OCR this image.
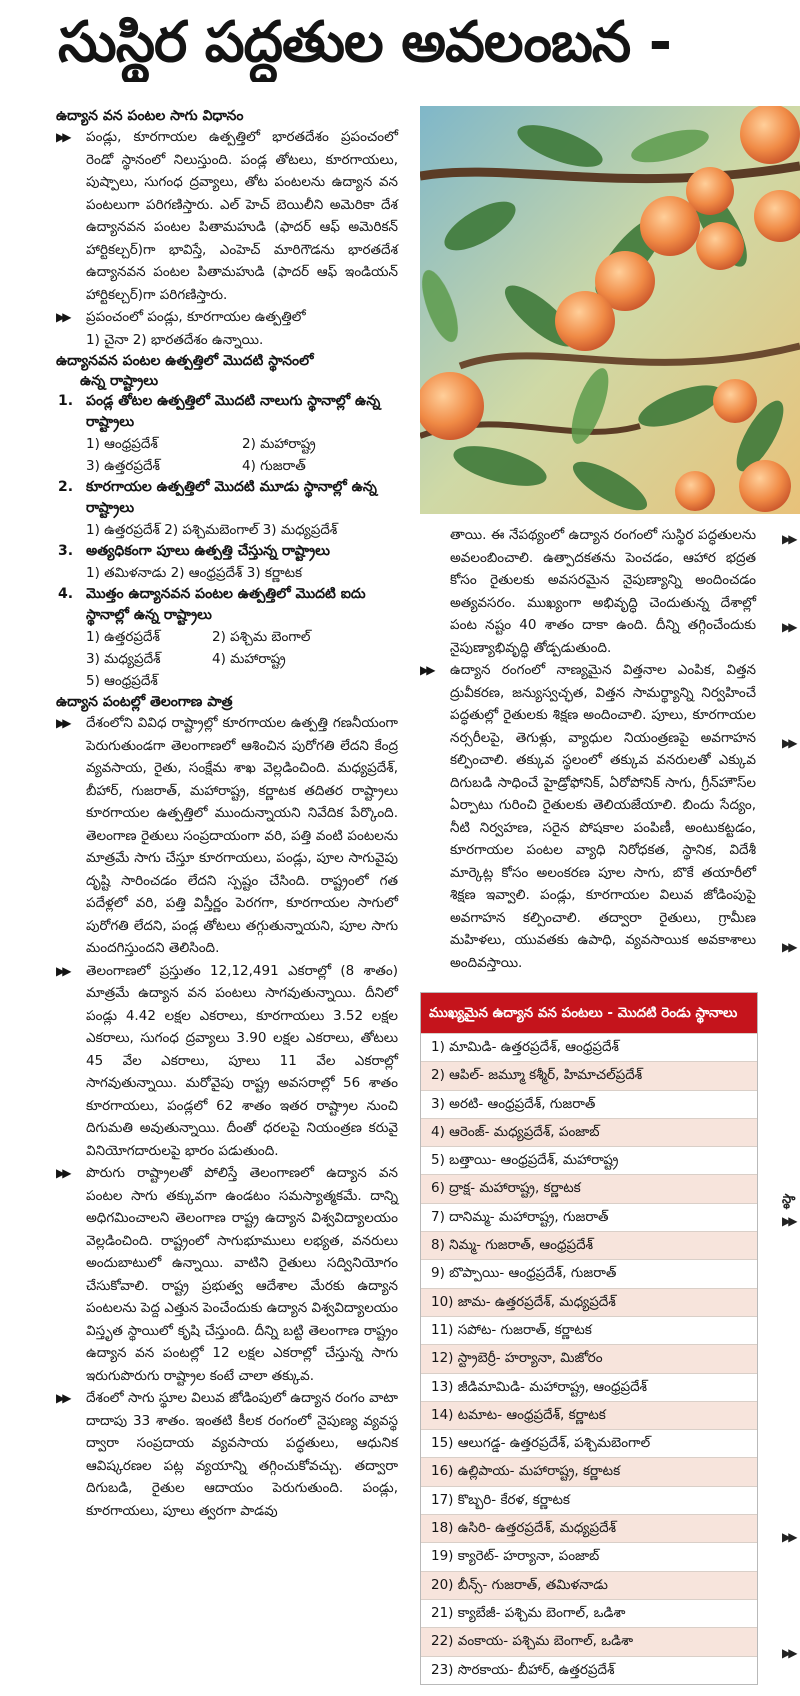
సుస్థిర పద్ధతుల అవలంబన -

ఉద్యాన వన పంటల సాగు విధానం

▶▶ పండ్లు, కూరగాయల ఉత్పత్తిలో భారతదేశం ప్రపంచంలో రెండో స్థానంలో నిలుస్తుంది. పండ్ల తోటలు, కూరగాయలు, పుష్పాలు, సుగంధ ద్రవ్యాలు, తోట పంటలను ఉద్యాన వన పంటలుగా పరిగణిస్తారు. ఎల్ హెచ్ బెయిలీని అమెరికా దేశ ఉద్యానవన పంటల పితామహుడి (ఫాదర్ ఆఫ్ అమెరికన్ హార్టికల్చర్)గా భావిస్తే, ఎంహెచ్ మారిగౌడను భారతదేశ ఉద్యానవన పంటల పితామహుడి (ఫాదర్ ఆఫ్ ఇండియన్ హార్టికల్చర్)గా పరిగణిస్తారు.

▶▶ ప్రపంచంలో పండ్లు, కూరగాయల ఉత్పత్తిలో

1) చైనా 2) భారతదేశం ఉన్నాయి.

ఉద్యానవన పంటల ఉత్పత్తిలో మొదటి స్థానంలో

ఉన్న రాష్ట్రాలు

1. పండ్ల తోటల ఉత్పత్తిలో మొదటి నాలుగు స్థానాల్లో ఉన్న రాష్ట్రాలు
1) ఆంధ్రప్రదేశ్	2) మహారాష్ట్ర
3) ఉత్తరప్రదేశ్	4) గుజరాత్
2. కూరగాయల ఉత్పత్తిలో మొదటి మూడు స్థానాల్లో ఉన్న రాష్ట్రాలు
1) ఉత్తరప్రదేశ్ 2) పశ్చిమబెంగాల్ 3) మధ్యప్రదేశ్
3. అత్యధికంగా పూలు ఉత్పత్తి చేస్తున్న రాష్ట్రాలు
1) తమిళనాడు 2) ఆంధ్రప్రదేశ్ 3) కర్ణాటక
4. మొత్తం ఉద్యానవన పంటల ఉత్పత్తిలో మొదటి ఐదు స్థానాల్లో ఉన్న రాష్ట్రాలు
1) ఉత్తరప్రదేశ్	2) పశ్చిమ బెంగాల్
3) మధ్యప్రదేశ్	4) మహారాష్ట్ర
5) ఆంధ్రప్రదేశ్

ఉద్యాన పంటల్లో తెలంగాణ పాత్ర

▶▶ దేశంలోని వివిధ రాష్ట్రాల్లో కూరగాయల ఉత్పత్తి గణనీయంగా పెరుగుతుండగా తెలంగాణలో ఆశించిన పురోగతి లేదని కేంద్ర వ్యవసాయ, రైతు, సంక్షేమ శాఖ వెల్లడించింది. మధ్యప్రదేశ్, బీహార్, గుజరాత్, మహారాష్ట్ర, కర్ణాటక తదితర రాష్ట్రాలు కూరగాయల ఉత్పత్తిలో ముందున్నాయని నివేదిక పేర్కొంది. తెలంగాణ రైతులు సంప్రదాయంగా వరి, పత్తి వంటి పంటలను మాత్రమే సాగు చేస్తూ కూరగాయలు, పండ్లు, పూల సాగువైపు దృష్టి సారించడం లేదని స్పష్టం చేసింది. రాష్ట్రంలో గత పదేళ్లలో వరి, పత్తి విస్తీర్ణం పెరగగా, కూరగాయల సాగులో పురోగతి లేదని, పండ్ల తోటలు తగ్గుతున్నాయని, పూల సాగు మందగిస్తుందని తెలిసింది.

▶▶ తెలంగాణలో ప్రస్తుతం 12,12,491 ఎకరాల్లో (8 శాతం) మాత్రమే ఉద్యాన వన పంటలు సాగవుతున్నాయి. దీనిలో పండ్లు 4.42 లక్షల ఎకరాలు, కూరగాయలు 3.52 లక్షల ఎకరాలు, సుగంధ ద్రవ్యాలు 3.90 లక్షల ఎకరాలు, తోటలు 45 వేల ఎకరాలు, పూలు 11 వేల ఎకరాల్లో సాగవుతున్నాయి. మరోవైపు రాష్ట్ర అవసరాల్లో 56 శాతం కూరగాయలు, పండ్లలో 62 శాతం ఇతర రాష్ట్రాల నుంచి దిగుమతి అవుతున్నాయి. దీంతో ధరలపై నియంత్రణ కరువై వినియోగదారులపై భారం పడుతుంది.

▶▶ పొరుగు రాష్ట్రాలతో పోలిస్తే తెలంగాణలో ఉద్యాన వన పంటల సాగు తక్కువగా ఉండటం సమస్యాత్మకమే. దాన్ని అధిగమించాలని తెలంగాణ రాష్ట్ర ఉద్యాన విశ్వవిద్యాలయం వెల్లడించింది. రాష్ట్రంలో సాగుభూములు లభ్యత, వనరులు అందుబాటులో ఉన్నాయి. వాటిని రైతులు సద్వినియోగం చేసుకోవాలి. రాష్ట్ర ప్రభుత్వ ఆదేశాల మేరకు ఉద్యాన పంటలను పెద్ద ఎత్తున పెంచేందుకు ఉద్యాన విశ్వవిద్యాలయం విస్తృత స్థాయిలో కృషి చేస్తుంది. దీన్ని బట్టి తెలంగాణ రాష్ట్రం ఉద్యాన వన పంటల్లో 12 లక్షల ఎకరాల్లో చేస్తున్న సాగు ఇరుగుపొరుగు రాష్ట్రాల కంటే చాలా తక్కువ.

▶▶ దేశంలో సాగు స్థూల విలువ జోడింపులో ఉద్యాన రంగం వాటా దాదాపు 33 శాతం. ఇంతటి కీలక రంగంలో నైపుణ్య వ్యవస్థ ద్వారా సంప్రదాయ వ్యవసాయ పద్ధతులు, ఆధునిక ఆవిష్కరణల పట్ల వ్యయాన్ని తగ్గించుకోవచ్చు. తద్వారా దిగుబడి, రైతుల ఆదాయం పెరుగుతుంది. పండ్లు, కూరగాయలు, పూలు త్వరగా పాడవు

తాయి. ఈ నేపథ్యంలో ఉద్యాన రంగంలో సుస్థిర పద్ధతులను అవలంబించాలి. ఉత్పాదకతను పెంచడం, ఆహార భద్రత కోసం రైతులకు అవసరమైన నైపుణ్యాన్ని అందించడం అత్యవసరం. ముఖ్యంగా అభివృద్ధి చెందుతున్న దేశాల్లో పంట నష్టం 40 శాతం దాకా ఉంది. దీన్ని తగ్గించేందుకు నైపుణ్యాభివృద్ధి తోడ్పడుతుంది.

▶▶ ఉద్యాన రంగంలో నాణ్యమైన విత్తనాల ఎంపిక, విత్తన ద్రువీకరణ, జన్యుస్వచ్ఛత, విత్తన సామర్థ్యాన్ని నిర్వహించే పద్ధతుల్లో రైతులకు శిక్షణ అందించాలి. పూలు, కూరగాయల నర్సరీలపై, తెగుళ్లు, వ్యాధుల నియంత్రణపై అవగాహన కల్పించాలి. తక్కువ స్థలంలో తక్కువ వనరులతో ఎక్కువ దిగుబడి సాధించే హైడ్రోఫోనిక్, ఏరోపోనిక్ సాగు, గ్రీన్‌హౌస్‌ల ఏర్పాటు గురించి రైతులకు తెలియజేయాలి. బిందు సేద్యం, నీటి నిర్వహణ, సరైన పోషకాల పంపిణీ, అంటుకట్టడం, కూరగాయల పంటల వ్యాధి నిరోధకత, స్థానిక, విదేశీ మార్కెట్ల కోసం అలంకరణ పూల సాగు, బొకే తయారీలో శిక్షణ ఇవ్వాలి. పండ్లు, కూరగాయల విలువ జోడింపుపై అవగాహన కల్పించాలి. తద్వారా రైతులు, గ్రామీణ మహిళలు, యువతకు ఉపాధి, వ్యవసాయిక అవకాశాలు అందివస్తాయి.

ముఖ్యమైన ఉద్యాన వన పంటలు - మొదటి రెండు స్థానాలు
1) మామిడి- ఉత్తరప్రదేశ్, ఆంధ్రప్రదేశ్
2) ఆపిల్- జమ్మూ కశ్మీర్, హిమాచల్‌ప్రదేశ్
3) అరటి- ఆంధ్రప్రదేశ్, గుజరాత్
4) ఆరెంజ్- మధ్యప్రదేశ్, పంజాబ్
5) బత్తాయి- ఆంధ్రప్రదేశ్, మహారాష్ట్ర
6) ద్రాక్ష- మహారాష్ట్ర, కర్ణాటక
7) దానిమ్మ- మహారాష్ట్ర, గుజరాత్
8) నిమ్మ- గుజరాత్, ఆంధ్రప్రదేశ్
9) బొప్పాయి- ఆంధ్రప్రదేశ్, గుజరాత్
10) జామ- ఉత్తరప్రదేశ్, మధ్యప్రదేశ్
11) సపోట- గుజరాత్, కర్ణాటక
12) స్ట్రాబెర్రీ- హర్యానా, మిజోరం
13) జీడిమామిడి- మహారాష్ట్ర, ఆంధ్రప్రదేశ్
14) టమాట- ఆంధ్రప్రదేశ్, కర్ణాటక
15) ఆలుగడ్డ- ఉత్తరప్రదేశ్, పశ్చిమబెంగాల్
16) ఉల్లిపాయ- మహారాష్ట్ర, కర్ణాటక
17) కొబ్బరి- కేరళ, కర్ణాటక
18) ఉసిరి- ఉత్తరప్రదేశ్, మధ్యప్రదేశ్
19) క్యారెట్- హర్యానా, పంజాబ్
20) బీన్స్- గుజరాత్, తమిళనాడు
21) క్యాబేజీ- పశ్చిమ బెంగాల్, ఒడిశా
22) వంకాయ- పశ్చిమ బెంగాల్, ఒడిశా
23) సొరకాయ- బీహార్, ఉత్తరప్రదేశ్
▶▶
▶▶
▶▶
▶▶
స్థా
▶▶
▶▶
▶▶
